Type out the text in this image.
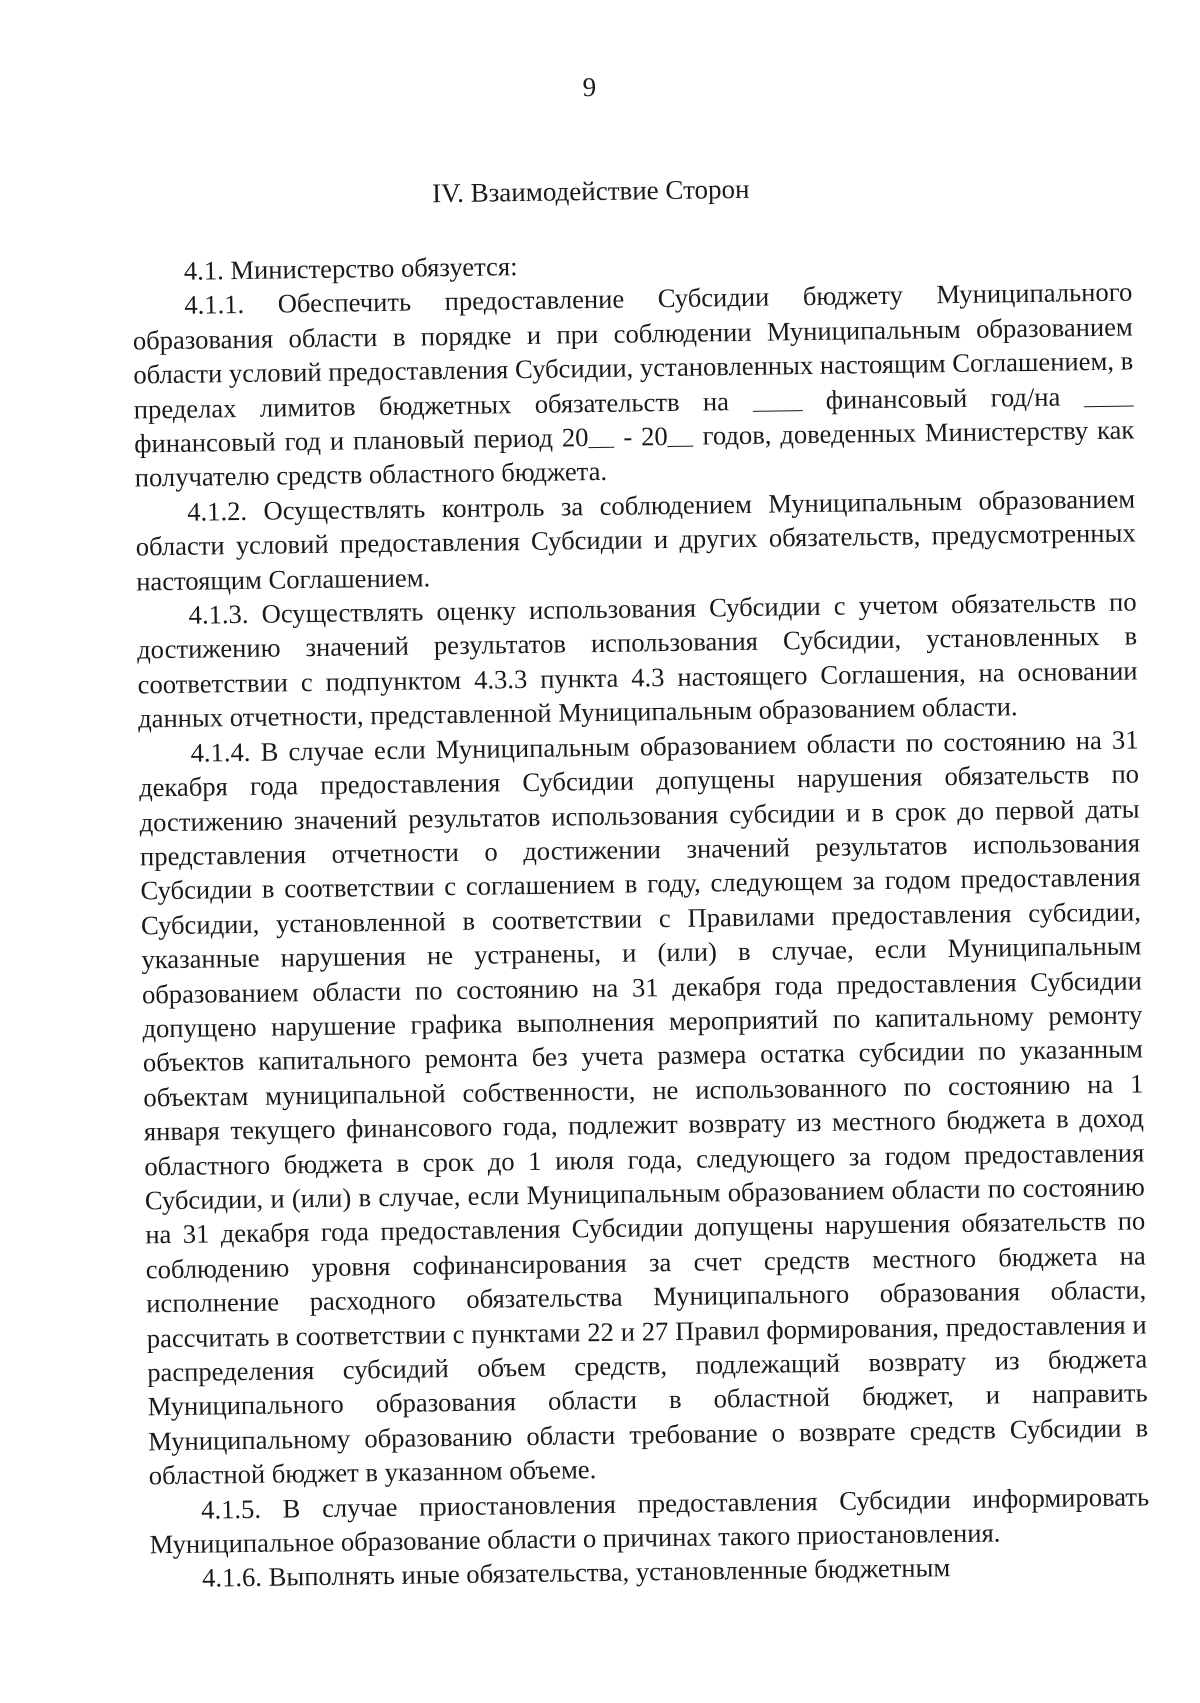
9
IV. Взаимодействие Сторон

4.1. Министерство обязуется:

4.1.1. Обеспечить предоставление Субсидии бюджету Муниципального образования области в порядке и при соблюдении Муниципальным образованием области условий предоставления Субсидии, установленных настоящим Соглашением, в пределах лимитов бюджетных обязательств на	финансовый год/на  финансовый год и плановый период 20 - 20 годов, доведенных Министерству как получателю средств областного бюджета.

4.1.2. Осуществлять контроль за соблюдением Муниципальным образованием области условий предоставления Субсидии и других обязательств, предусмотренных настоящим Соглашением.

4.1.3. Осуществлять оценку использования Субсидии с учетом обязательств по достижению значений результатов использования Субсидии, установленных в соответствии с подпунктом 4.3.3 пункта 4.3 настоящего Соглашения, на основании данных отчетности, представленной Муниципальным образованием области.

4.1.4. В случае если Муниципальным образованием области по состоянию на 31 декабря года предоставления Субсидии допущены нарушения обязательств по достижению значений результатов использования субсидии и в срок до первой даты представления отчетности о достижении значений результатов использования Субсидии в соответствии с соглашением в году, следующем за годом предоставления Субсидии, установленной в соответствии с Правилами предоставления субсидии, указанные нарушения не устранены, и (или) в случае, если Муниципальным образованием области по состоянию на 31 декабря года предоставления Субсидии допущено нарушение графика выполнения мероприятий по капитальному ремонту объектов капитального ремонта без учета размера остатка субсидии по указанным объектам муниципальной собственности, не использованного по состоянию на 1 января текущего финансового года, подлежит возврату из местного бюджета в доход областного бюджета в срок до 1 июля года, следующего за годом предоставления Субсидии, и (или) в случае, если Муниципальным образованием области по состоянию на 31 декабря года предоставления Субсидии допущены нарушения обязательств по соблюдению уровня софинансирования за счет средств местного бюджета на исполнение расходного обязательства Муниципального образования области, рассчитать в соответствии с пунктами 22 и 27 Правил формирования, предоставления и распределения субсидий объем средств, подлежащий возврату из бюджета Муниципального образования области в областной бюджет, и направить Муниципальному образованию области требование о возврате средств Субсидии в областной бюджет в указанном объеме.

4.1.5. В случае приостановления предоставления Субсидии информировать Муниципальное образование области о причинах такого приостановления.

4.1.6. Выполнять иные обязательства, установленные бюджетным
